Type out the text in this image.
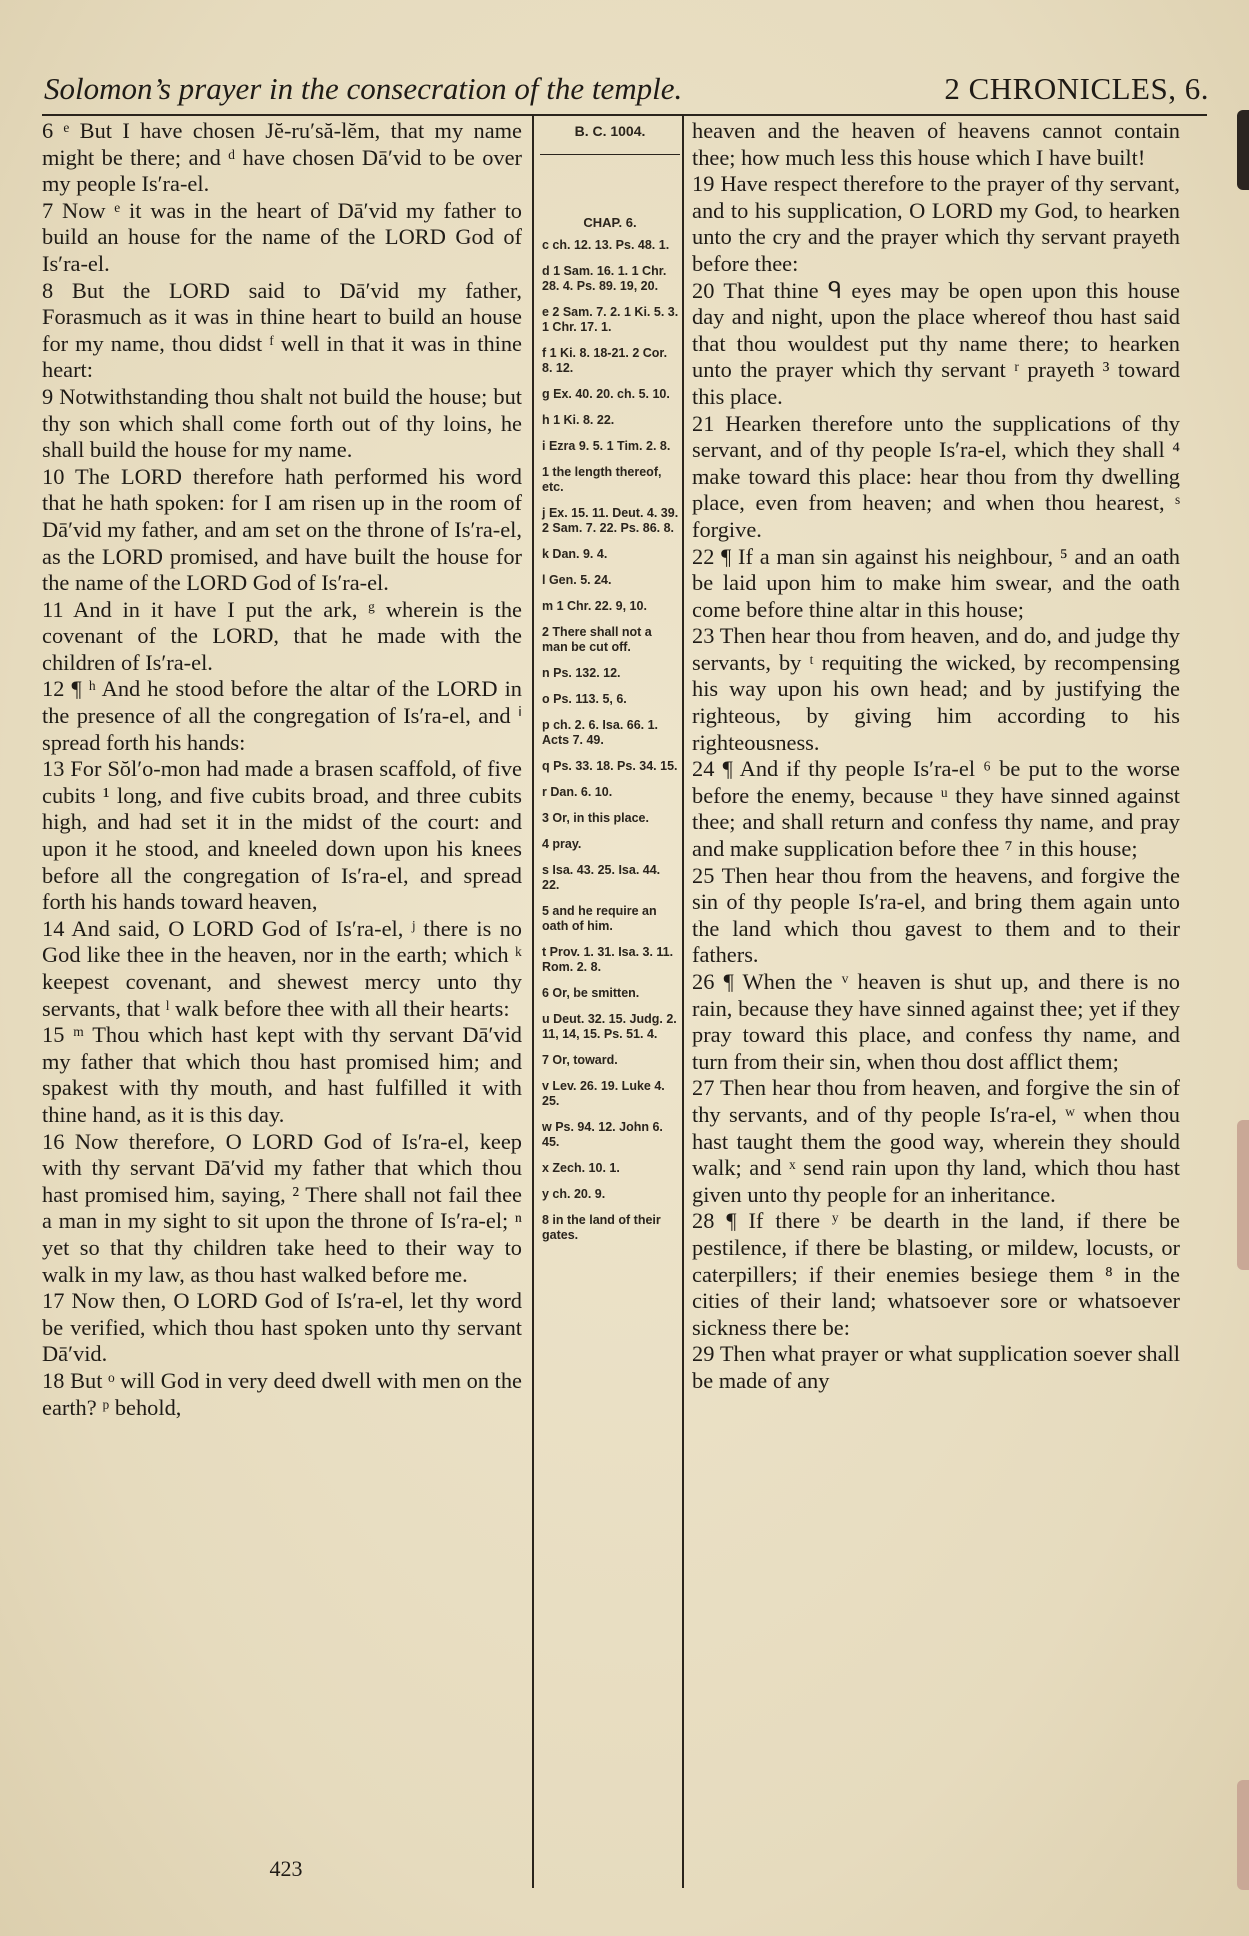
Solomon’s prayer in the consecration of the temple.	2 CHRONICLES, 6.

6 ᵉ But I have chosen Jĕ-ru′să-lĕm, that my name might be there; and ᵈ have chosen Dā′vid to be over my people Is′ra-el.

7 Now ᵉ it was in the heart of Dā′vid my father to build an house for the name of the LORD God of Is′ra-el.

8 But the LORD said to Dā′vid my father, Forasmuch as it was in thine heart to build an house for my name, thou didst ᶠ well in that it was in thine heart:

9 Notwithstanding thou shalt not build the house; but thy son which shall come forth out of thy loins, he shall build the house for my name.

10 The LORD therefore hath performed his word that he hath spoken: for I am risen up in the room of Dā′vid my father, and am set on the throne of Is′ra-el, as the LORD promised, and have built the house for the name of the LORD God of Is′ra-el.

11 And in it have I put the ark, ᵍ wherein is the covenant of the LORD, that he made with the children of Is′ra-el.

12 ¶ ʰ And he stood before the altar of the LORD in the presence of all the congregation of Is′ra-el, and ⁱ spread forth his hands:

13 For Sŏl′o-mon had made a brasen scaffold, of five cubits ¹ long, and five cubits broad, and three cubits high, and had set it in the midst of the court: and upon it he stood, and kneeled down upon his knees before all the congregation of Is′ra-el, and spread forth his hands toward heaven,

14 And said, O LORD God of Is′ra-el, ʲ there is no God like thee in the heaven, nor in the earth; which ᵏ keepest covenant, and shewest mercy unto thy servants, that ˡ walk before thee with all their hearts:

15 ᵐ Thou which hast kept with thy servant Dā′vid my father that which thou hast promised him; and spakest with thy mouth, and hast fulfilled it with thine hand, as it is this day.

16 Now therefore, O LORD God of Is′ra-el, keep with thy servant Dā′vid my father that which thou hast promised him, saying, ² There shall not fail thee a man in my sight to sit upon the throne of Is′ra-el; ⁿ yet so that thy children take heed to their way to walk in my law, as thou hast walked before me.

17 Now then, O LORD God of Is′ra-el, let thy word be verified, which thou hast spoken unto thy servant Dā′vid.

18 But ᵒ will God in very deed dwell with men on the earth? ᵖ behold,

B. C. 1004.
CHAP. 6.
c ch. 12. 13. Ps. 48. 1.
d 1 Sam. 16. 1. 1 Chr. 28. 4. Ps. 89. 19, 20.
e 2 Sam. 7. 2. 1 Ki. 5. 3. 1 Chr. 17. 1.
f 1 Ki. 8. 18-21. 2 Cor. 8. 12.
g Ex. 40. 20. ch. 5. 10.
h 1 Ki. 8. 22.
i Ezra 9. 5. 1 Tim. 2. 8.
1 the length thereof, etc.
j Ex. 15. 11. Deut. 4. 39. 2 Sam. 7. 22. Ps. 86. 8.
k Dan. 9. 4.
l Gen. 5. 24.
m 1 Chr. 22. 9, 10.
2 There shall not a man be cut off.
n Ps. 132. 12.
o Ps. 113. 5, 6.
p ch. 2. 6. Isa. 66. 1. Acts 7. 49.
q Ps. 33. 18. Ps. 34. 15.
r Dan. 6. 10.
3 Or, in this place.
4 pray.
s Isa. 43. 25. Isa. 44. 22.
5 and he require an oath of him.
t Prov. 1. 31. Isa. 3. 11. Rom. 2. 8.
6 Or, be smitten.
u Deut. 32. 15. Judg. 2. 11, 14, 15. Ps. 51. 4.
7 Or, toward.
v Lev. 26. 19. Luke 4. 25.
w Ps. 94. 12. John 6. 45.
x Zech. 10. 1.
y ch. 20. 9.
8 in the land of their gates.

heaven and the heaven of heavens cannot contain thee; how much less this house which I have built!

19 Have respect therefore to the prayer of thy servant, and to his supplication, O LORD my God, to hearken unto the cry and the prayer which thy servant prayeth before thee:

20 That thine ᑫ eyes may be open upon this house day and night, upon the place whereof thou hast said that thou wouldest put thy name there; to hearken unto the prayer which thy servant ʳ prayeth ³ toward this place.

21 Hearken therefore unto the supplications of thy servant, and of thy people Is′ra-el, which they shall ⁴ make toward this place: hear thou from thy dwelling place, even from heaven; and when thou hearest, ˢ forgive.

22 ¶ If a man sin against his neighbour, ⁵ and an oath be laid upon him to make him swear, and the oath come before thine altar in this house;

23 Then hear thou from heaven, and do, and judge thy servants, by ᵗ requiting the wicked, by recompensing his way upon his own head; and by justifying the righteous, by giving him according to his righteousness.

24 ¶ And if thy people Is′ra-el ⁶ be put to the worse before the enemy, because ᵘ they have sinned against thee; and shall return and confess thy name, and pray and make supplication before thee ⁷ in this house;

25 Then hear thou from the heavens, and forgive the sin of thy people Is′ra-el, and bring them again unto the land which thou gavest to them and to their fathers.

26 ¶ When the ᵛ heaven is shut up, and there is no rain, because they have sinned against thee; yet if they pray toward this place, and confess thy name, and turn from their sin, when thou dost afflict them;

27 Then hear thou from heaven, and forgive the sin of thy servants, and of thy people Is′ra-el, ʷ when thou hast taught them the good way, wherein they should walk; and ˣ send rain upon thy land, which thou hast given unto thy people for an inheritance.

28 ¶ If there ʸ be dearth in the land, if there be pestilence, if there be blasting, or mildew, locusts, or caterpillers; if their enemies besiege them ⁸ in the cities of their land; whatsoever sore or whatsoever sickness there be:

29 Then what prayer or what supplication soever shall be made of any

423
